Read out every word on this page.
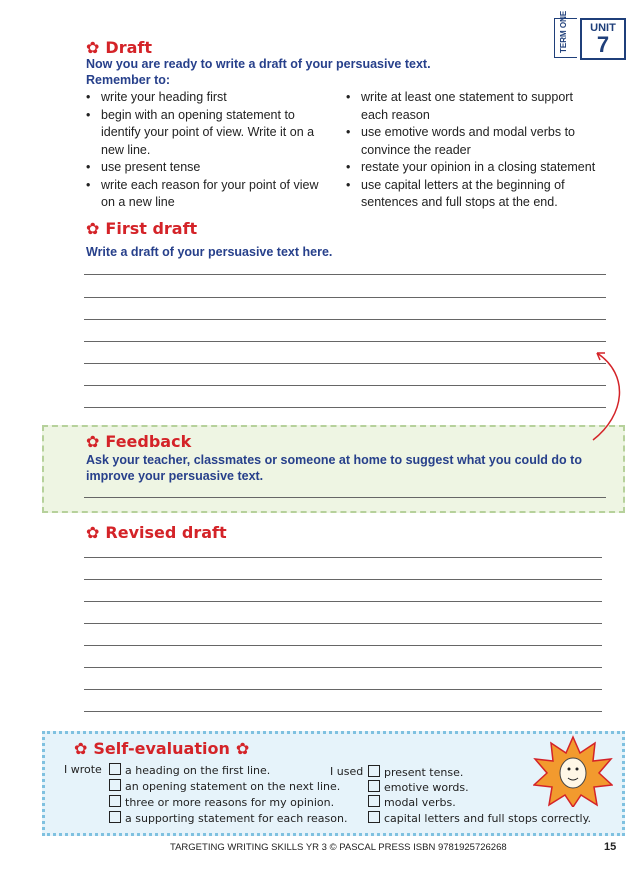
TERM ONE	UNIT
7
✿ Draft
Now you are ready to write a draft of your persuasive text.
Remember to:
• write your heading first
• begin with an opening statement to identify your point of view. Write it on a new line.
• use present tense
• write each reason for your point of view on a new line
• write at least one statement to support each reason
• use emotive words and modal verbs to convince the reader
• restate your opinion in a closing statement
• use capital letters at the beginning of sentences and full stops at the end.
✿ First draft
Write a draft of your persuasive text here.
✿ Feedback
Ask your teacher, classmates or someone at home to suggest what you could do to improve your persuasive text.
✿ Revised draft
✿ Self-evaluation ✿
I wrote	a heading on the first line.
an opening statement on the next line.
three or more reasons for my opinion.
a supporting statement for each reason.
I used	present tense.
emotive words.
modal verbs.
capital letters and full stops correctly.
TARGETING WRITING SKILLS YR 3 © PASCAL PRESS ISBN 9781925726268	15
